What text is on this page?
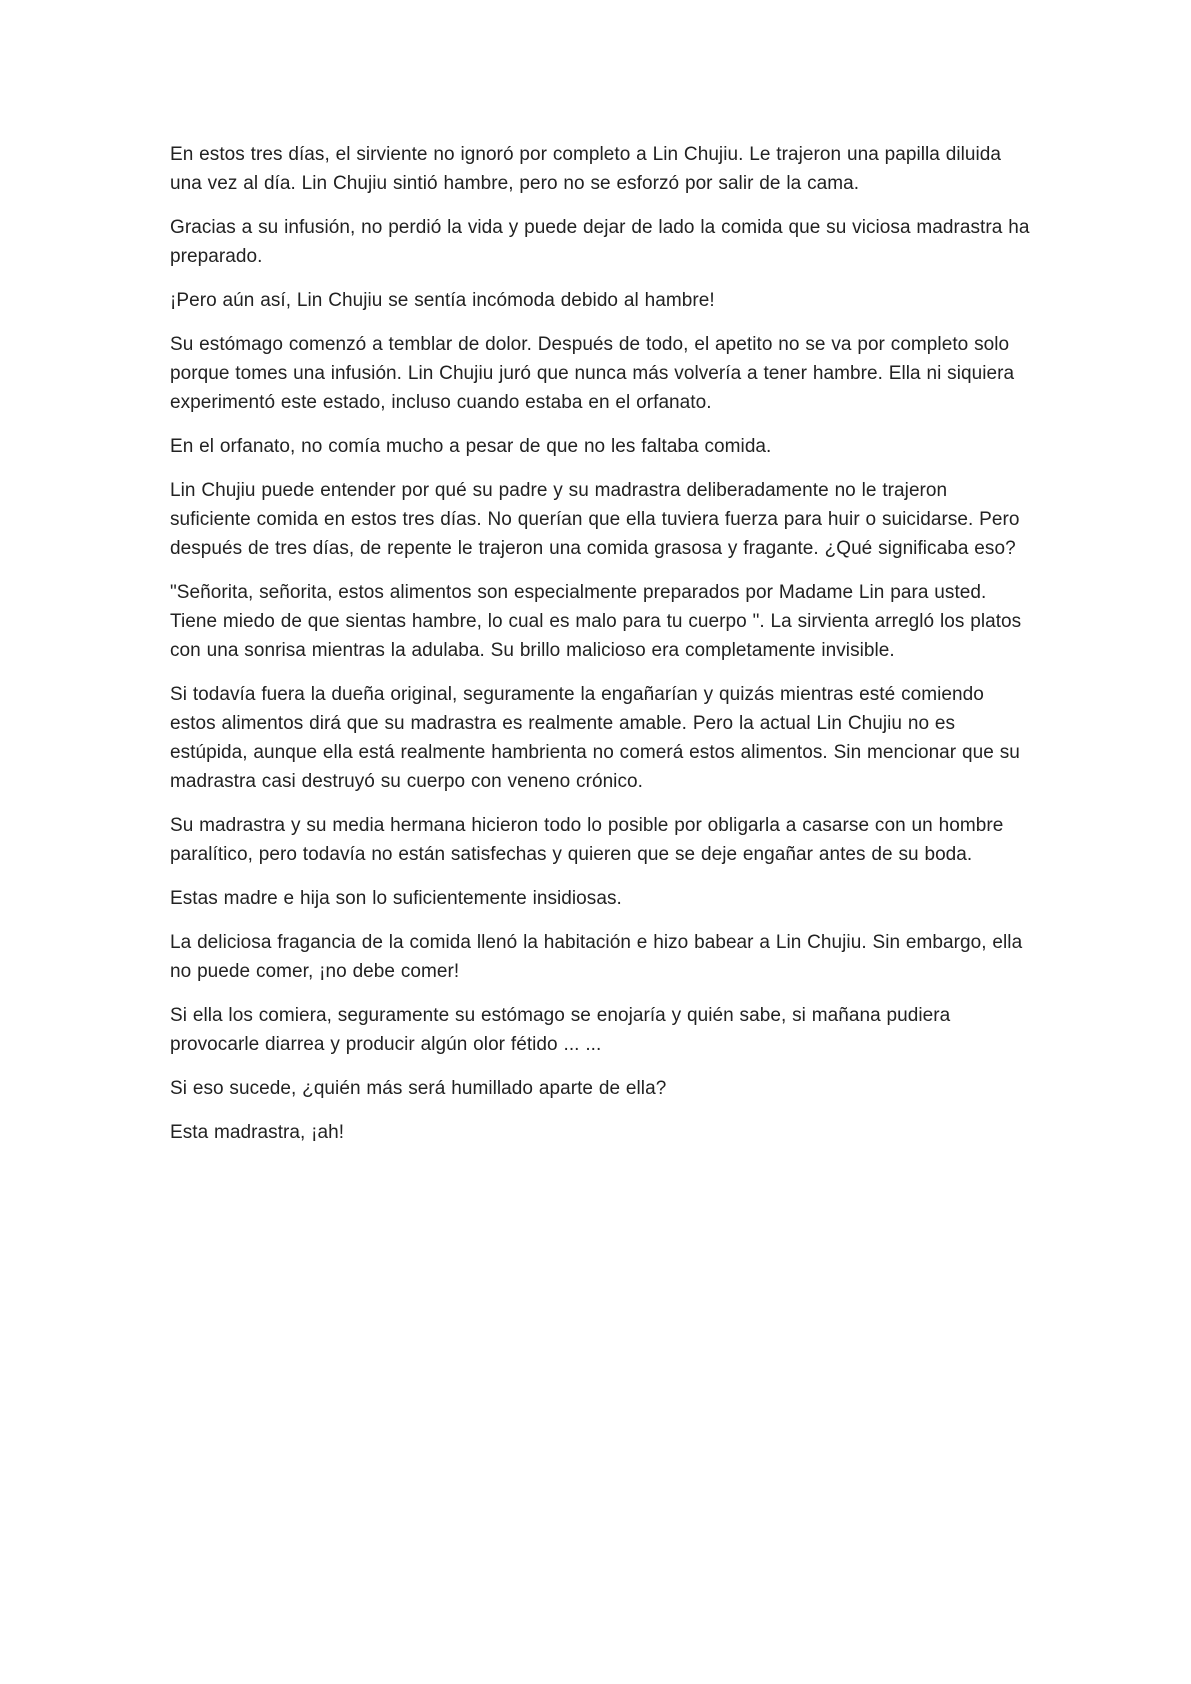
En estos tres días, el sirviente no ignoró por completo a Lin Chujiu. Le trajeron una papilla diluida una vez al día. Lin Chujiu sintió hambre, pero no se esforzó por salir de la cama.

Gracias a su infusión, no perdió la vida y puede dejar de lado la comida que su viciosa madrastra ha preparado.

¡Pero aún así, Lin Chujiu se sentía incómoda debido al hambre!

Su estómago comenzó a temblar de dolor. Después de todo, el apetito no se va por completo solo porque tomes una infusión. Lin Chujiu juró que nunca más volvería a tener hambre. Ella ni siquiera experimentó este estado, incluso cuando estaba en el orfanato.

En el orfanato, no comía mucho a pesar de que no les faltaba comida.

Lin Chujiu puede entender por qué su padre y su madrastra deliberadamente no le trajeron suficiente comida en estos tres días. No querían que ella tuviera fuerza para huir o suicidarse. Pero después de tres días, de repente le trajeron una comida grasosa y fragante. ¿Qué significaba eso?

"Señorita, señorita, estos alimentos son especialmente preparados por Madame Lin para usted. Tiene miedo de que sientas hambre, lo cual es malo para tu cuerpo ". La sirvienta arregló los platos con una sonrisa mientras la adulaba. Su brillo malicioso era completamente invisible.

Si todavía fuera la dueña original, seguramente la engañarían y quizás mientras esté comiendo estos alimentos dirá que su madrastra es realmente amable. Pero la actual Lin Chujiu no es estúpida, aunque ella está realmente hambrienta no comerá estos alimentos. Sin mencionar que su madrastra casi destruyó su cuerpo con veneno crónico.

Su madrastra y su media hermana hicieron todo lo posible por obligarla a casarse con un hombre paralítico, pero todavía no están satisfechas y quieren que se deje engañar antes de su boda.

Estas madre e hija son lo suficientemente insidiosas.

La deliciosa fragancia de la comida llenó la habitación e hizo babear a Lin Chujiu. Sin embargo, ella no puede comer, ¡no debe comer!

Si ella los comiera, seguramente su estómago se enojaría y quién sabe, si mañana pudiera provocarle diarrea y producir algún olor fétido ... ...

Si eso sucede, ¿quién más será humillado aparte de ella?

Esta madrastra, ¡ah!
